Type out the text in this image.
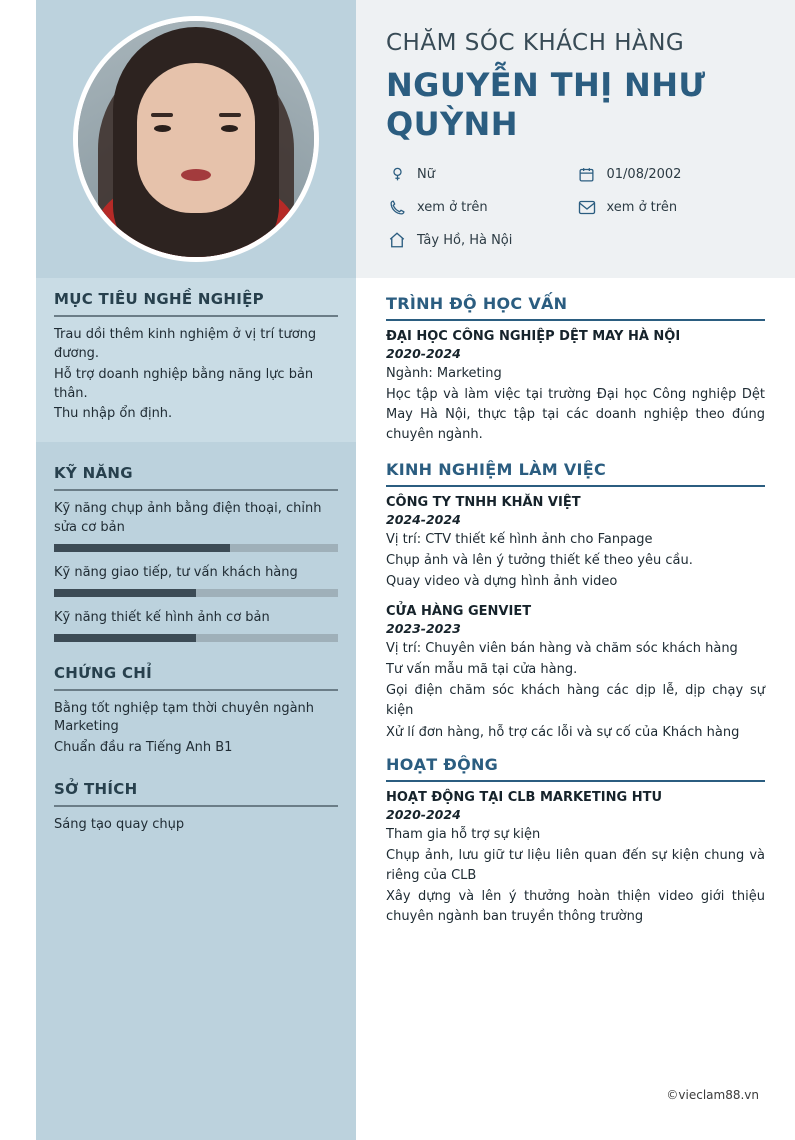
MỤC TIÊU NGHỀ NGHIỆP

Trau dồi thêm kinh nghiệm ở vị trí tương đương.

Hỗ trợ doanh nghiệp bằng năng lực bản thân.

Thu nhập ổn định.

KỸ NĂNG
Kỹ năng chụp ảnh bằng điện thoại, chỉnh sửa cơ bản
Kỹ năng giao tiếp, tư vấn khách hàng
Kỹ năng thiết kế hình ảnh cơ bản
CHỨNG CHỈ

Bằng tốt nghiệp tạm thời chuyên ngành Marketing

Chuẩn đầu ra Tiếng Anh B1

SỞ THÍCH

Sáng tạo quay chụp

CHĂM SÓC KHÁCH HÀNG
NGUYỄN THỊ NHƯ QUỲNH
Nữ	01/08/2002
xem ở trên	xem ở trên
Tây Hồ, Hà Nội
TRÌNH ĐỘ HỌC VẤN

ĐẠI HỌC CÔNG NGHIỆP DỆT MAY HÀ NỘI

2020-2024

Ngành: Marketing

Học tập và làm việc tại trường Đại học Công nghiệp Dệt May Hà Nội, thực tập tại các doanh nghiệp theo đúng chuyên ngành.

KINH NGHIỆM LÀM VIỆC

CÔNG TY TNHH KHĂN VIỆT

2024-2024

Vị trí: CTV thiết kế hình ảnh cho Fanpage

Chụp ảnh và lên ý tưởng thiết kế theo yêu cầu.

Quay video và dựng hình ảnh video

CỬA HÀNG GENVIET

2023-2023

Vị trí: Chuyên viên bán hàng và chăm sóc khách hàng

Tư vấn mẫu mã tại cửa hàng.

Gọi điện chăm sóc khách hàng các dịp lễ, dịp chạy sự kiện

Xử lí đơn hàng, hỗ trợ các lỗi và sự cố của Khách hàng

HOẠT ĐỘNG

HOẠT ĐỘNG TẠI CLB MARKETING HTU

2020-2024

Tham gia hỗ trợ sự kiện

Chụp ảnh, lưu giữ tư liệu liên quan đến sự kiện chung và riêng của CLB

Xây dựng và lên ý thưởng hoàn thiện video giới thiệu chuyên ngành ban truyền thông trường

©vieclam88.vn
